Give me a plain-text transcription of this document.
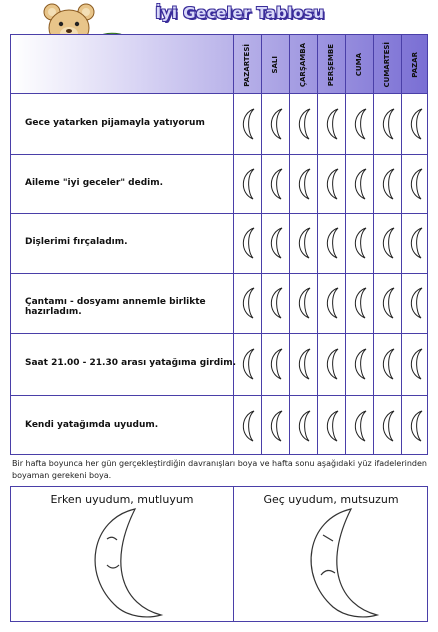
İyi Geceler Tablosu
PAZARTESİ	SALI	ÇARŞAMBA	PERŞEMBE	CUMA	CUMARTESİ	PAZAR
Gece yatarken pijamayla yatıyorum
Aileme "iyi geceler" dedim.
Dişlerimi fırçaladım.
Çantamı - dosyamı annemle birlikte hazırladım.
Saat 21.00 - 21.30 arası yatağıma girdim.
Kendi yatağımda uyudum.
Bir hafta boyunca her gün gerçekleştirdiğin davranışları boya ve hafta sonu aşağıdaki yüz ifadelerinden boyaman gerekeni boya.
Erken uyudum, mutluyum	Geç uyudum, mutsuzum
